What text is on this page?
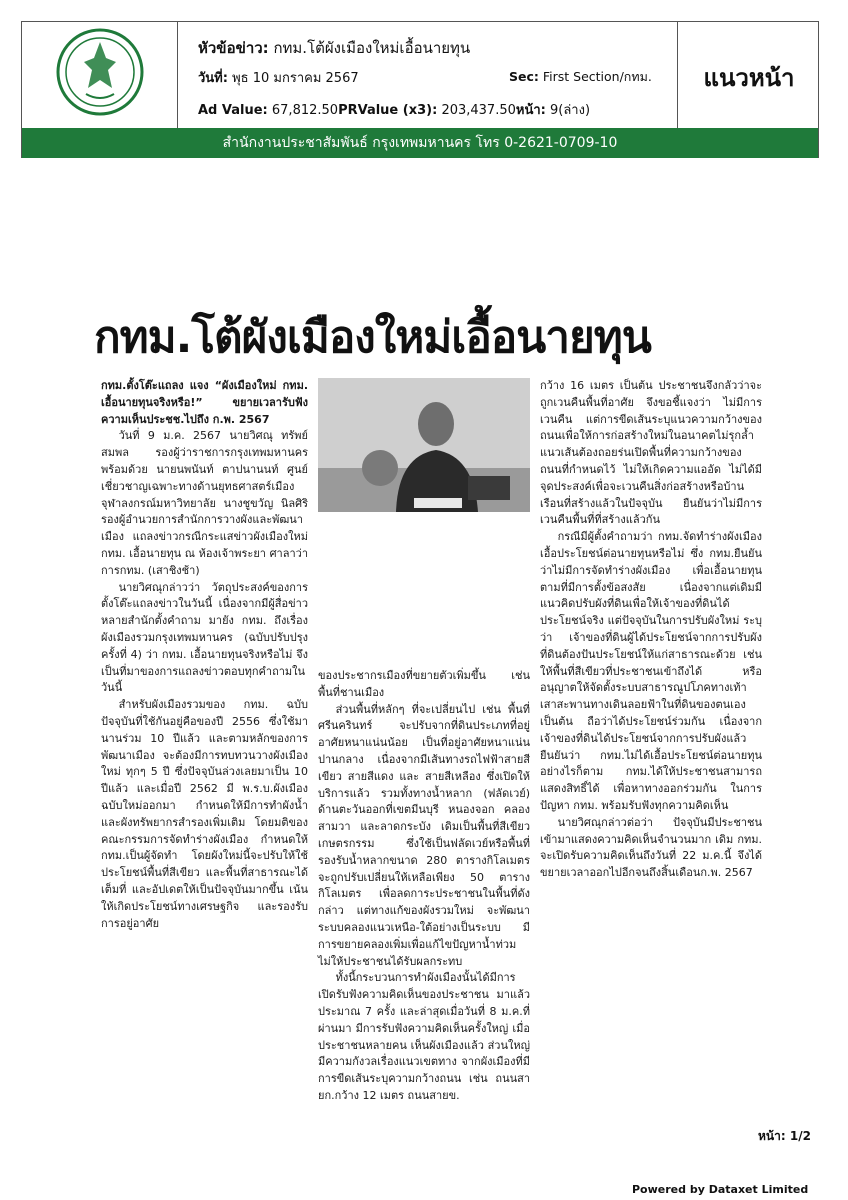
หัวข้อข่าว: กทม.โต้ผังเมืองใหม่เอื้อนายทุน
วันที่: พุธ 10 มกราคม 2567	Sec: First Section/กทม.
Ad Value: 67,812.50PRValue (x3): 203,437.50หน้า: 9(ล่าง)
แนวหน้า
สำนักงานประชาสัมพันธ์ กรุงเทพมหานคร โทร 0-2621-0709-10
กทม.โต้ผังเมืองใหม่เอื้อนายทุน

กทม.ตั้งโต๊ะแถลง แจง “ผังเมืองใหม่ กทม. เอื้อนายทุนจริงหรือ!” ขยายเวลารับฟังความเห็นประชช.ไปถึง ก.พ. 2567

วันที่ 9 ม.ค. 2567 นายวิศณุ ทรัพย์สมพล รองผู้ว่าราชการกรุงเทพมหานคร พร้อมด้วย นายนพนันท์ ตาปนานนท์ ศูนย์เชี่ยวชาญเฉพาะทางด้านยุทธศาสตร์เมือง จุฬาลงกรณ์มหาวิทยาลัย นางชูขวัญ นิลศิริ รองผู้อำนวยการสำนักการวางผังและพัฒนาเมือง แถลงข่าวกรณีกระแสข่าวผังเมืองใหม่ กทม. เอื้อนายทุน ณ ห้องเจ้าพระยา ศาลาว่าการกทม. (เสาชิงช้า)

นายวิศณุกล่าวว่า วัตถุประสงค์ของการตั้งโต๊ะแถลงข่าวในวันนี้ เนื่องจากมีผู้สื่อข่าวหลายสำนักตั้งคำถาม มายัง กทม. ถึงเรื่องผังเมืองรวมกรุงเทพมหานคร (ฉบับปรับปรุงครั้งที่ 4) ว่า กทม. เอื้อนายทุนจริงหรือไม่ จึงเป็นที่มาของการแถลงข่าวตอบทุกคำถามในวันนี้

สำหรับผังเมืองรวมของ กทม. ฉบับปัจจุบันที่ใช้กันอยู่คือของปี 2556 ซึ่งใช้มานานร่วม 10 ปีแล้ว และตามหลักของการพัฒนาเมือง จะต้องมีการทบทวนวางผังเมืองใหม่ ทุกๆ 5 ปี ซึ่งปัจจุบันล่วงเลยมาเป็น 10 ปีแล้ว และเมื่อปี 2562 มี พ.ร.บ.ผังเมืองฉบับใหม่ออกมา กำหนดให้มีการทำผังน้ำและผังทรัพยากรสำรองเพิ่มเติม โดยมติของคณะกรรมการจัดทำร่างผังเมือง กำหนดให้ กทม.เป็นผู้จัดทำ โดยผังใหม่นี้จะปรับให้ใช้ประโยชน์พื้นที่สีเขียว และพื้นที่สาธารณะได้เต็มที่ และอัปเดตให้เป็นปัจจุบันมากขึ้น เน้นให้เกิดประโยชน์ทางเศรษฐกิจ และรองรับการอยู่อาศัย

ของประชากรเมืองที่ขยายตัวเพิ่มขึ้น เช่น พื้นที่ชานเมือง

ส่วนพื้นที่หลักๆ ที่จะเปลี่ยนไป เช่น พื้นที่ ศรีนครินทร์ จะปรับจากที่ดินประเภทที่อยู่อาศัยหนาแน่นน้อย เป็นที่อยู่อาศัยหนาแน่นปานกลาง เนื่องจากมีเส้นทางรถไฟฟ้าสายสีเขียว สายสีแดง และ สายสีเหลือง ซึ่งเปิดให้บริการแล้ว รวมทั้งทางน้ำหลาก (ฟลัดเวย์) ด้านตะวันออกที่เขตมีนบุรี หนองจอก คลองสามวา และลาดกระบัง เดิมเป็นพื้นที่สีเขียวเกษตรกรรม ซึ่งใช้เป็นฟลัดเวย์หรือพื้นที่รองรับน้ำหลากขนาด 280 ตารางกิโลเมตร จะถูกปรับเปลี่ยนให้เหลือเพียง 50 ตารางกิโลเมตร เพื่อลดการะประชาชนในพื้นที่ดังกล่าว แต่ทางแก้ของผังรวมใหม่ จะพัฒนาระบบคลองแนวเหนือ-ใต้อย่างเป็นระบบ มีการขยายคลองเพิ่มเพื่อแก้ไขปัญหาน้ำท่วม ไม่ให้ประชาชนได้รับผลกระทบ

ทั้งนี้กระบวนการทำผังเมืองนั้นได้มีการเปิดรับฟังความคิดเห็นของประชาชน มาแล้วประมาณ 7 ครั้ง และล่าสุดเมื่อวันที่ 8 ม.ค.ที่ผ่านมา มีการรับฟังความคิดเห็นครั้งใหญ่ เมื่อประชาชนหลายคน เห็นผังเมืองแล้ว ส่วนใหญ่มีความกังวลเรื่องแนวเขตทาง จากผังเมืองที่มีการขีดเส้นระบุความกว้างถนน เช่น ถนนสายก.กว้าง 12 เมตร ถนนสายข.

กว้าง 16 เมตร เป็นต้น ประชาชนจึงกลัวว่าจะถูกเวนคืนพื้นที่อาศัย จึงขอชี้แจงว่า ไม่มีการเวนคืน แต่การขีดเส้นระบุแนวความกว้างของถนนเพื่อให้การก่อสร้างใหม่ในอนาคตไม่รุกล้ำแนวเส้นต้องถอยร่นเปิดพื้นที่ความกว้างของถนนที่กำหนดไว้ ไม่ให้เกิดความแออัด ไม่ได้มีจุดประสงค์เพื่อจะเวนคืนสิ่งก่อสร้างหรือบ้านเรือนที่สร้างแล้วในปัจจุบัน ยืนยันว่าไม่มีการเวนคืนพื้นที่ที่สร้างแล้วกัน

กรณีมีผู้ตั้งคำถามว่า กทม.จัดทำร่างผังเมืองเอื้อประโยชน์ต่อนายทุนหรือไม่ ซึ่ง กทม.ยืนยันว่าไม่มีการจัดทำร่างผังเมือง เพื่อเอื้อนายทุนตามที่มีการตั้งข้อสงสัย เนื่องจากแต่เดิมมีแนวคิดปรับผังที่ดินเพื่อให้เจ้าของที่ดินได้ประโยชน์จริง แต่ปัจจุบันในการปรับผังใหม่ ระบุว่า เจ้าของที่ดินผู้ได้ประโยชน์จากการปรับผังที่ดินต้องปันประโยชน์ให้แก่สาธารณะด้วย เช่น ให้พื้นที่สีเขียวที่ประชาชนเข้าถึงได้ หรืออนุญาตให้จัดตั้งระบบสาธารณูปโภคทางเท้า เสาสะพานทางเดินลอยฟ้าในที่ดินของตนเอง เป็นต้น ถือว่าได้ประโยชน์ร่วมกัน เนื่องจากเจ้าของที่ดินได้ประโยชน์จากการปรับผังแล้ว ยืนยันว่า กทม.ไม่ได้เอื้อประโยชน์ต่อนายทุนอย่างไรก็ตาม กทม.ได้ให้ประชาชนสามารถแสดงสิทธิ์ได้ เพื่อหาทางออกร่วมกัน ในการปัญหา กทม. พร้อมรับฟังทุกความคิดเห็น

นายวิศณุกล่าวต่อว่า ปัจจุบันมีประชาชนเข้ามาแสดงความคิดเห็นจำนวนมาก เดิม กทม. จะเปิดรับความคิดเห็นถึงวันที่ 22 ม.ค.นี้ จึงได้ขยายเวลาออกไปอีกจนถึงสิ้นเดือนก.พ. 2567

หน้า: 1/2
Powered by Dataxet Limited
